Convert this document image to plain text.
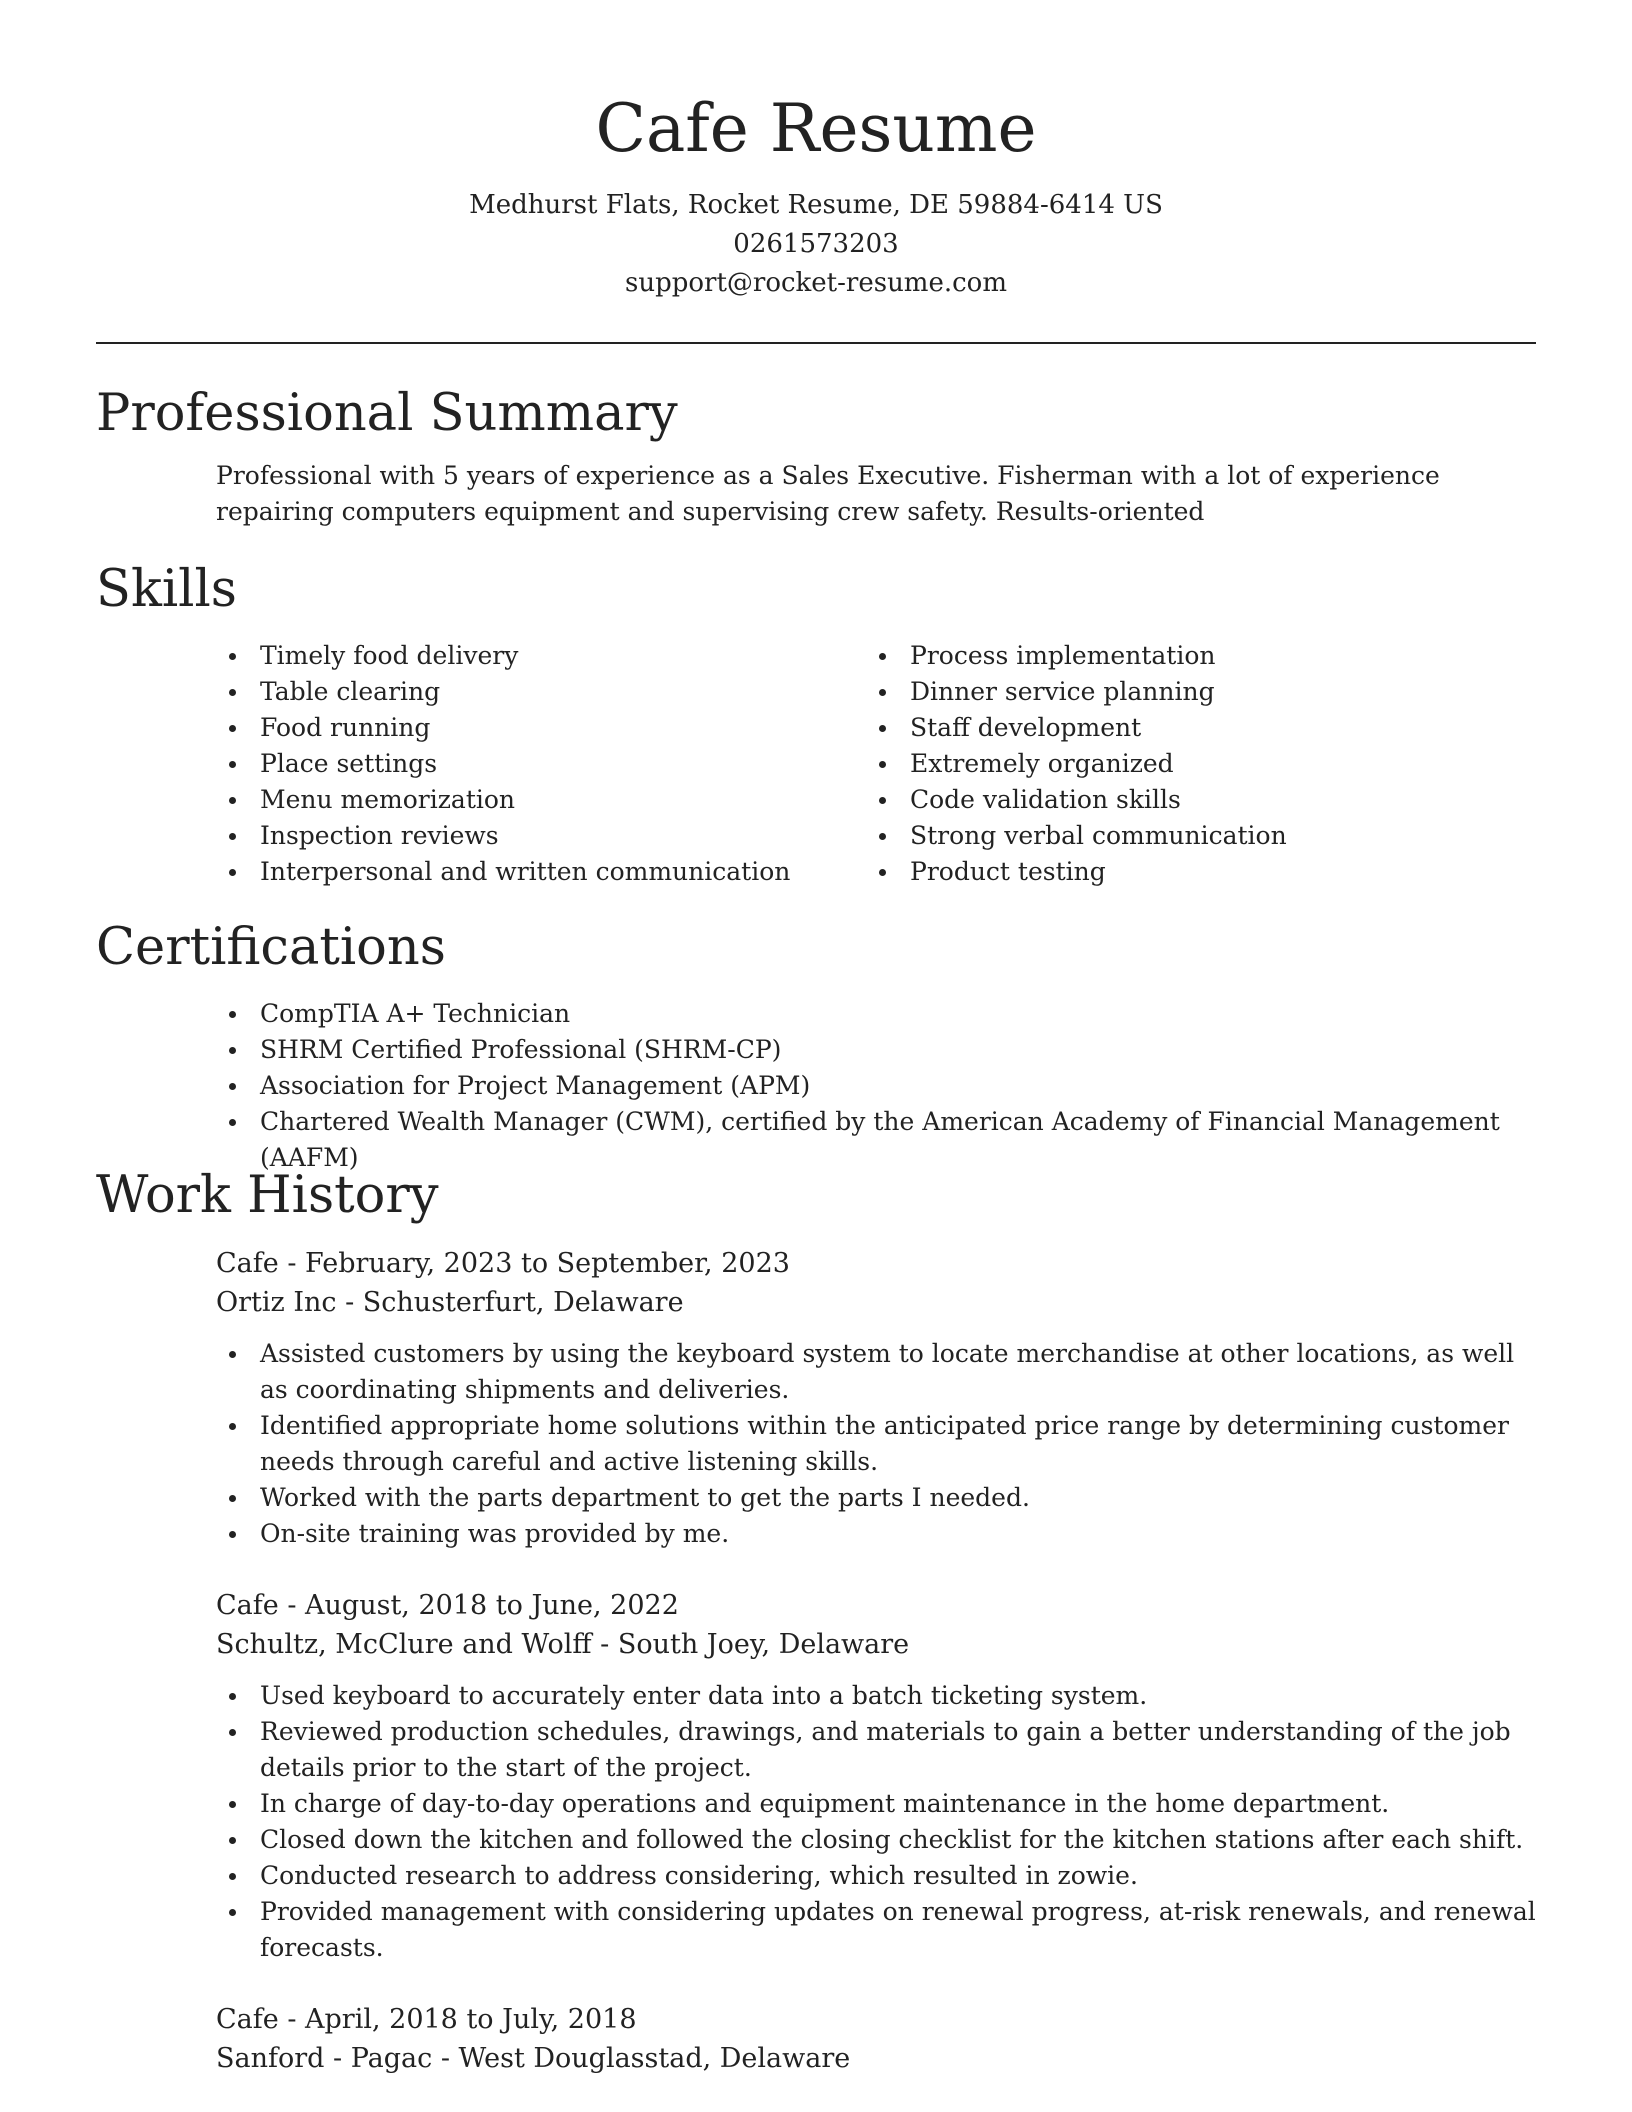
Cafe Resume
Medhurst Flats, Rocket Resume, DE 59884-6414 US
0261573203
support@rocket-resume.com
Professional Summary
Professional with 5 years of experience as a Sales Executive. Fisherman with a lot of experience repairing computers equipment and supervising crew safety. Results-oriented
Skills
Timely food delivery
Table clearing
Food running
Place settings
Menu memorization
Inspection reviews
Interpersonal and written communication
Process implementation
Dinner service planning
Staff development
Extremely organized
Code validation skills
Strong verbal communication
Product testing
Certifications
CompTIA A+ Technician
SHRM Certified Professional (SHRM-CP)
Association for Project Management (APM)
Chartered Wealth Manager (CWM), certified by the American Academy of Financial Management (AAFM)
Work History
Cafe - February, 2023 to September, 2023
Ortiz Inc - Schusterfurt, Delaware
Assisted customers by using the keyboard system to locate merchandise at other locations, as well as coordinating shipments and deliveries.
Identified appropriate home solutions within the anticipated price range by determining customer needs through careful and active listening skills.
Worked with the parts department to get the parts I needed.
On-site training was provided by me.
Cafe - August, 2018 to June, 2022
Schultz, McClure and Wolff - South Joey, Delaware
Used keyboard to accurately enter data into a batch ticketing system.
Reviewed production schedules, drawings, and materials to gain a better understanding of the job details prior to the start of the project.
In charge of day-to-day operations and equipment maintenance in the home department.
Closed down the kitchen and followed the closing checklist for the kitchen stations after each shift.
Conducted research to address considering, which resulted in zowie.
Provided management with considering updates on renewal progress, at-risk renewals, and renewal forecasts.
Cafe - April, 2018 to July, 2018
Sanford - Pagac - West Douglasstad, Delaware
